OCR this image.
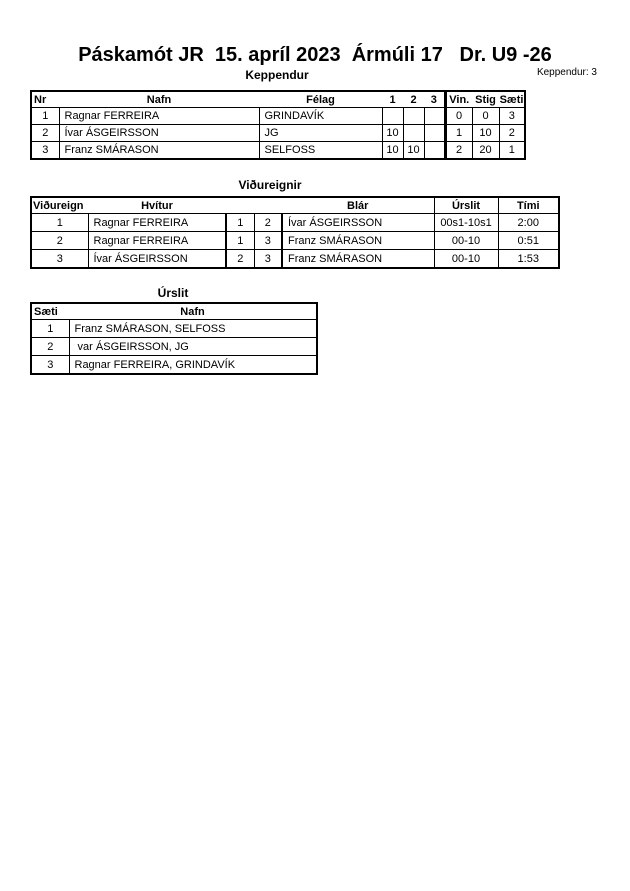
Páskamót JR  15. apríl 2023  Ármúli 17   Dr. U9 -26
Keppendur: 3
Keppendur
Nr	Nafn	Félag	1	2	3	Vin.	Stig	Sæti
1	Ragnar FERREIRA	GRINDAVÍK				0	0	3
2	Ívar ÁSGEIRSSON	JG	10			1	10	2
3	Franz SMÁRASON	SELFOSS	10	10		2	20	1
Viðureignir
Viðureign	Hvítur			Blár	Úrslit	Tími
1	Ragnar FERREIRA	1	2	Ívar ÁSGEIRSSON	00s1-10s1	2:00
2	Ragnar FERREIRA	1	3	Franz SMÁRASON	00-10	0:51
3	Ívar ÁSGEIRSSON	2	3	Franz SMÁRASON	00-10	1:53
Úrslit
Sæti	Nafn
1	Franz SMÁRASON, SELFOSS
2	var ÁSGEIRSSON, JG
3	Ragnar FERREIRA, GRINDAVÍK
